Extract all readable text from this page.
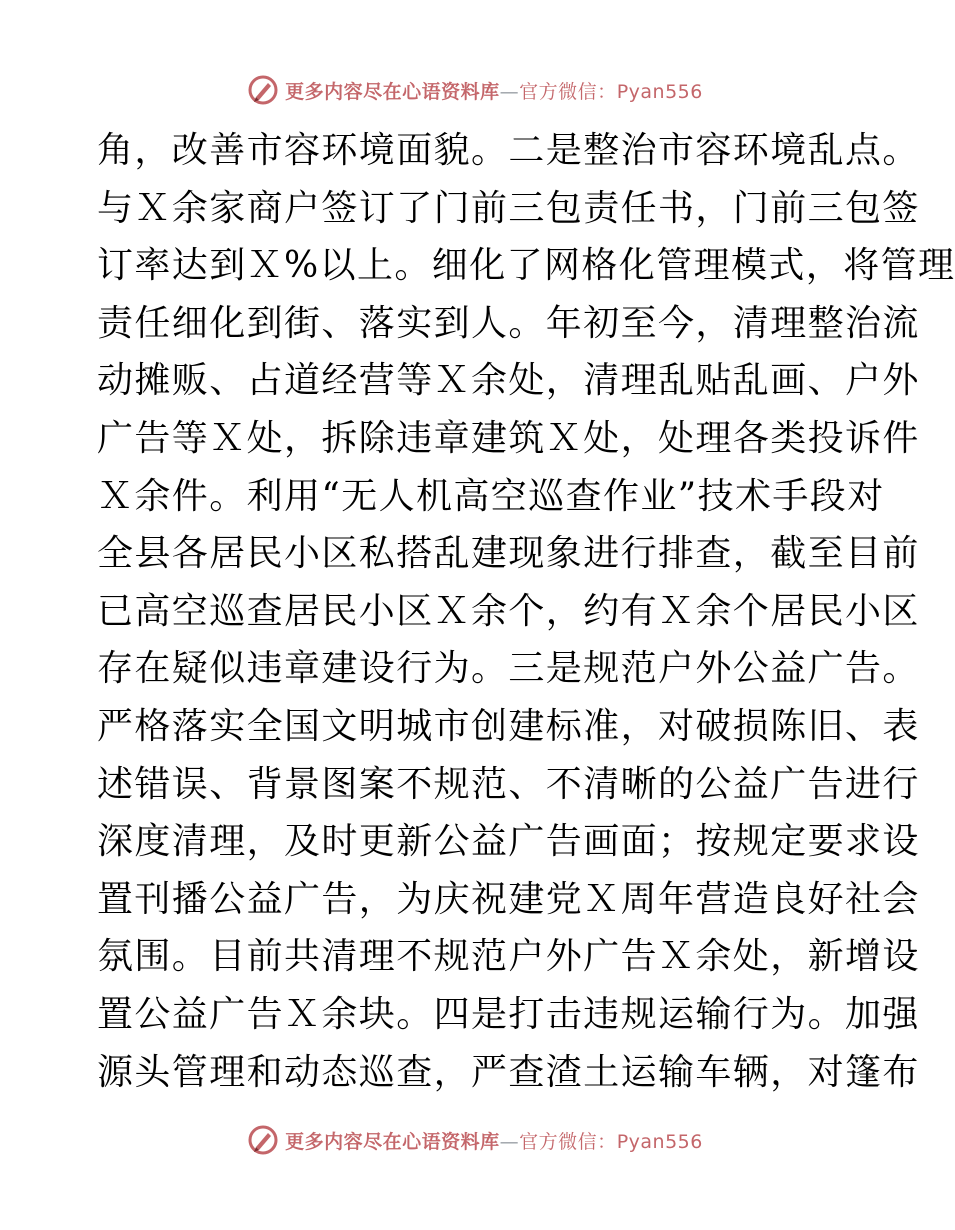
更多内容尽在心语资料库—官方微信：Pyan556
角，改善市容环境面貌。二是整治市容环境乱点。
与Ｘ余家商户签订了门前三包责任书，门前三包签
订率达到Ｘ%以上。细化了网格化管理模式，将管理
责任细化到街、落实到人。年初至今，清理整治流
动摊贩、占道经营等Ｘ余处，清理乱贴乱画、户外
广告等Ｘ处，拆除违章建筑Ｘ处，处理各类投诉件
Ｘ余件。利用“无人机高空巡查作业”技术手段对
全县各居民小区私搭乱建现象进行排查，截至目前
已高空巡查居民小区Ｘ余个，约有Ｘ余个居民小区
存在疑似违章建设行为。三是规范户外公益广告。
严格落实全国文明城市创建标准，对破损陈旧、表
述错误、背景图案不规范、不清晰的公益广告进行
深度清理，及时更新公益广告画面；按规定要求设
置刊播公益广告，为庆祝建党Ｘ周年营造良好社会
氛围。目前共清理不规范户外广告Ｘ余处，新增设
置公益广告Ｘ余块。四是打击违规运输行为。加强
源头管理和动态巡查，严查渣土运输车辆，对篷布
更多内容尽在心语资料库—官方微信：Pyan556
